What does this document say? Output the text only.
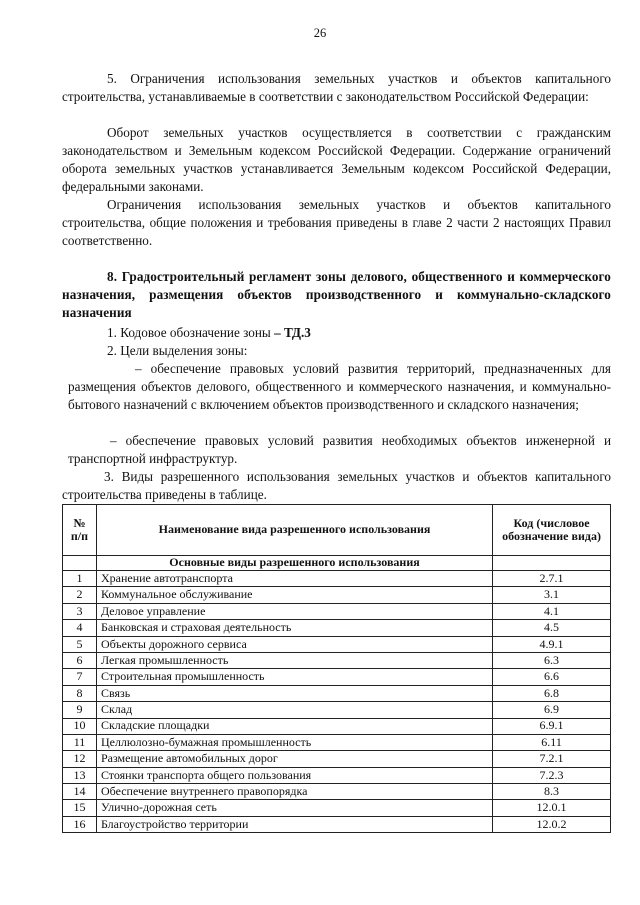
26

5. Ограничения использования земельных участков и объектов капитального строительства, устанавливаемые в соответствии с законодательством Российской Федерации:

Оборот земельных участков осуществляется в соответствии с гражданским законодательством и Земельным кодексом Российской Федерации. Содержание ограничений оборота земельных участков устанавливается Земельным кодексом Российской Федерации, федеральными законами.

Ограничения использования земельных участков и объектов капитального строительства, общие положения и требования приведены в главе 2 части 2 настоящих Правил соответственно.

8. Градостроительный регламент зоны делового, общественного и коммерческого назначения, размещения объектов производственного и коммунально-складского назначения

1. Кодовое обозначение зоны – ТД.3

2. Цели выделения зоны:

– обеспечение правовых условий развития территорий, предназначенных для размещения объектов делового, общественного и коммерческого назначения, и коммунально-бытового назначений с включением объектов производственного и складского назначения;

– обеспечение правовых условий развития необходимых объектов инженерной и транспортной инфраструктур.

3. Виды разрешенного использования земельных участков и объектов капитального строительства приведены в таблице.

№ п/п	Наименование вида разрешенного использования	Код (числовое обозначение вида)
	Основные виды разрешенного использования	
1	Хранение автотранспорта	2.7.1
2	Коммунальное обслуживание	3.1
3	Деловое управление	4.1
4	Банковская и страховая деятельность	4.5
5	Объекты дорожного сервиса	4.9.1
6	Легкая промышленность	6.3
7	Строительная промышленность	6.6
8	Связь	6.8
9	Склад	6.9
10	Складские площадки	6.9.1
11	Целлюлозно-бумажная промышленность	6.11
12	Размещение автомобильных дорог	7.2.1
13	Стоянки транспорта общего пользования	7.2.3
14	Обеспечение внутреннего правопорядка	8.3
15	Улично-дорожная сеть	12.0.1
16	Благоустройство территории	12.0.2
